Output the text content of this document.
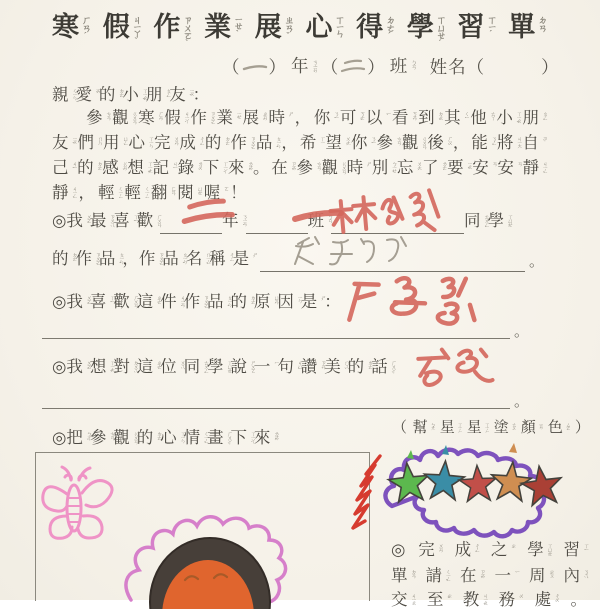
寒 ㄏㄢˊ 假 ㄐㄧㄚˋ 作 ㄗㄨㄛˋ 業 ㄧㄝˋ 展 ㄓㄢˇ 心 ㄒㄧㄣ 得 ㄉㄜˊ 學 ㄒㄩㄝˊ 習 ㄒㄧˊ 單 ㄉㄢ
（ ） 年 ㄋㄧㄢˊ （ ） 班 ㄅㄢ 姓名 （	）
親 ㄑㄧㄣ 愛 ㄞˋ 的 ㄉㄜ˙ 小 ㄒㄧㄠˇ 朋 ㄆㄥˊ 友 ㄧㄡˇ ：
參 ㄘㄢ 觀 ㄍㄨㄢ 寒 ㄏㄢˊ 假 ㄐㄧㄚˋ 作 ㄗㄨㄛˋ 業 ㄧㄝˋ 展 ㄓㄢˇ 時 ㄕˊ ， 你 ㄋㄧˇ 可 ㄎㄜˇ 以 ㄧˇ 看 ㄎㄢˋ 到 ㄉㄠˋ 其 ㄑㄧˊ 他 ㄊㄚ 小 ㄒㄧㄠˇ 朋 ㄆㄥˊ
友 ㄧㄡˇ 們 ㄇㄣ˙ 用 ㄩㄥˋ 心 ㄒㄧㄣ 完 ㄨㄢˊ 成 ㄔㄥˊ 的 ㄉㄜ˙ 作 ㄗㄨㄛˋ 品 ㄆㄧㄣˇ ， 希 ㄒㄧ 望 ㄨㄤˋ 你 ㄋㄧˇ 參 ㄘㄢ 觀 ㄍㄨㄢ 後 ㄏㄡˋ ， 能 ㄋㄥˊ 將 ㄐㄧㄤ 自 ㄗˋ
己 ㄐㄧˇ 的 ㄉㄜ˙ 感 ㄍㄢˇ 想 ㄒㄧㄤˇ 記 ㄐㄧˋ 錄 ㄌㄨˋ 下 ㄒㄧㄚˋ 來 ㄌㄞˊ 。 在 ㄗㄞˋ 參 ㄘㄢ 觀 ㄍㄨㄢ 時 ㄕˊ 別 ㄅㄧㄝˊ 忘 ㄨㄤˋ 了 ㄌㄜ˙ 要 ㄧㄠˋ 安 ㄢ 安 ㄢ 靜 ㄐㄧㄥˋ
靜 ㄐㄧㄥˋ ， 輕 ㄑㄧㄥ 輕 ㄑㄧㄥ 翻 ㄈㄢ 閱 ㄩㄝˋ 喔 ㄛ ！
◎ 我 ㄨㄛˇ 最 ㄗㄨㄟˋ 喜 ㄒㄧˇ 歡 ㄏㄨㄢ	年 ㄋㄧㄢˊ	班 ㄅㄢ	同 ㄊㄨㄥˊ 學 ㄒㄩㄝˊ
的 ㄉㄜ˙ 作 ㄗㄨㄛˋ 品 ㄆㄧㄣˇ ， 作 ㄗㄨㄛˋ 品 ㄆㄧㄣˇ 名 ㄇㄧㄥˊ 稱 ㄔㄥ 是 ㄕˋ	。
◎ 我 ㄨㄛˇ 喜 ㄒㄧˇ 歡 ㄏㄨㄢ 這 ㄓㄜˋ 件 ㄐㄧㄢˋ 作 ㄗㄨㄛˋ 品 ㄆㄧㄣˇ 的 ㄉㄜ˙ 原 ㄩㄢˊ 因 ㄧㄣ 是 ㄕˋ ：
。
◎ 我 ㄨㄛˇ 想 ㄒㄧㄤˇ 對 ㄉㄨㄟˋ 這 ㄓㄜˋ 位 ㄨㄟˋ 同 ㄊㄨㄥˊ 學 ㄒㄩㄝˊ 說 ㄕㄨㄛ 一 ㄧˊ 句 ㄐㄩˋ 讚 ㄗㄢˋ 美 ㄇㄟˇ 的 ㄉㄜ˙ 話 ㄏㄨㄚˋ
。
◎ 把 ㄅㄚˇ 參 ㄘㄢ 觀 ㄍㄨㄢ 的 ㄉㄜ˙ 心 ㄒㄧㄣ 情 ㄑㄧㄥˊ 畫 ㄏㄨㄚˋ 下 ㄒㄧㄚˋ 來 ㄌㄞˊ
（ 幫 ㄅㄤ 星 ㄒㄧㄥ 星 ㄒㄧㄥ 塗 ㄊㄨˊ 顏 ㄧㄢˊ 色 ㄙㄜˋ ）
◎ 完 ㄨㄢˊ 成 ㄔㄥˊ 之 ㄓ 學 ㄒㄩㄝˊ 習 ㄒㄧˊ
單 ㄉㄢ 請 ㄑㄧㄥˇ 在 ㄗㄞˋ 一 ㄧˋ 周 ㄓㄡ 內 ㄋㄟˋ
交 ㄐㄧㄠ 至 ㄓˋ 教 ㄐㄧㄠˋ 務 ㄨˋ 處 ㄔㄨˋ 。
